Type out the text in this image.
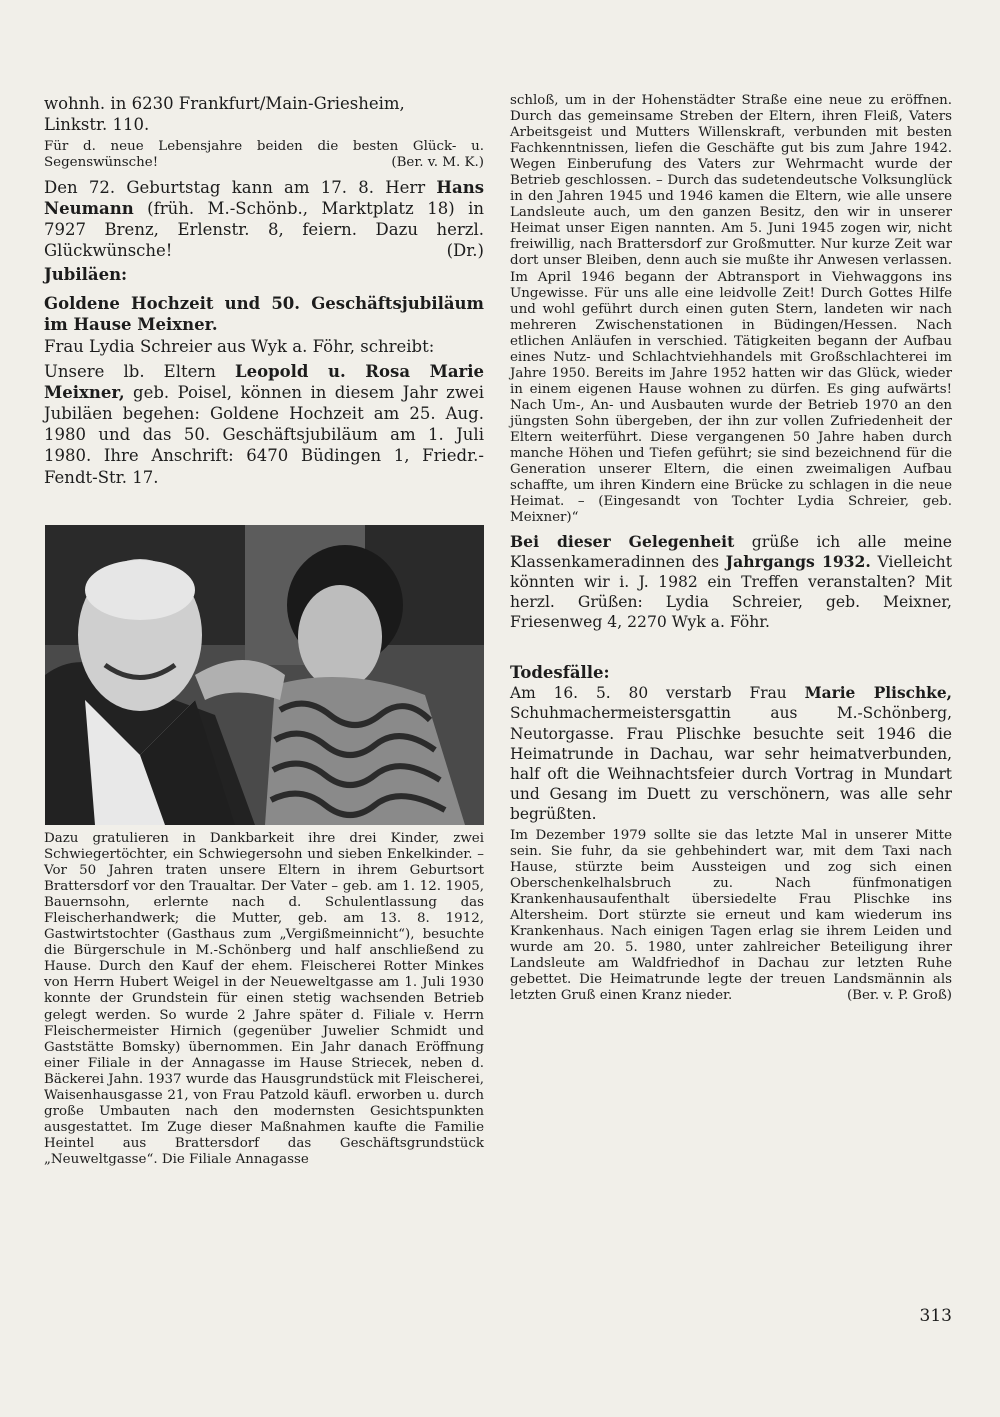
wohnh. in 6230 Frankfurt/Main-Griesheim,
Linkstr. 110.

Für d. neue Lebensjahre beiden die besten Glück- u. Segenswünsche!	(Ber. v. M. K.)

Den 72. Geburtstag kann am 17. 8. Herr Hans Neumann (früh. M.-Schönb., Marktplatz 18) in 7927 Brenz, Erlenstr. 8, feiern. Dazu herzl. Glückwünsche!	(Dr.)

Jubiläen:

Goldene Hochzeit und 50. Geschäftsjubiläum im Hause Meixner.

Frau Lydia Schreier aus Wyk a. Föhr, schreibt:

Unsere lb. Eltern Leopold u. Rosa Marie Meixner, geb. Poisel, können in diesem Jahr zwei Jubiläen begehen: Goldene Hochzeit am 25. Aug. 1980 und das 50. Geschäftsjubiläum am 1. Juli 1980. Ihre Anschrift: 6470 Büdingen 1, Friedr.-Fendt-Str. 17.

Dazu gratulieren in Dankbarkeit ihre drei Kinder, zwei Schwiegertöchter, ein Schwiegersohn und sieben Enkelkinder. – Vor 50 Jahren traten unsere Eltern in ihrem Geburtsort Brattersdorf vor den Traualtar. Der Vater – geb. am 1. 12. 1905, Bauernsohn, erlernte nach d. Schulentlassung das Fleischerhandwerk; die Mutter, geb. am 13. 8. 1912, Gastwirtstochter (Gasthaus zum „Vergißmeinnicht“), besuchte die Bürgerschule in M.-Schönberg und half anschließend zu Hause. Durch den Kauf der ehem. Fleischerei Rotter Minkes von Herrn Hubert Weigel in der Neueweltgasse am 1. Juli 1930 konnte der Grundstein für einen stetig wachsenden Betrieb gelegt werden. So wurde 2 Jahre später d. Filiale v. Herrn Fleischermeister Hirnich (gegenüber Juwelier Schmidt und Gaststätte Bomsky) übernommen. Ein Jahr danach Eröffnung einer Filiale in der Annagasse im Hause Striecek, neben d. Bäckerei Jahn. 1937 wurde das Hausgrundstück mit Fleischerei, Waisenhausgasse 21, von Frau Patzold käufl. erworben u. durch große Umbauten nach den modernsten Gesichtspunkten ausgestattet. Im Zuge dieser Maßnahmen kaufte die Familie Heintel aus Brattersdorf das Geschäftsgrundstück „Neuweltgasse“. Die Filiale Annagasse

schloß, um in der Hohenstädter Straße eine neue zu eröffnen. Durch das gemeinsame Streben der Eltern, ihren Fleiß, Vaters Arbeitsgeist und Mutters Willenskraft, verbunden mit besten Fachkenntnissen, liefen die Geschäfte gut bis zum Jahre 1942. Wegen Einberufung des Vaters zur Wehrmacht wurde der Betrieb geschlossen. – Durch das sudetendeutsche Volksunglück in den Jahren 1945 und 1946 kamen die Eltern, wie alle unsere Landsleute auch, um den ganzen Besitz, den wir in unserer Heimat unser Eigen nannten. Am 5. Juni 1945 zogen wir, nicht freiwillig, nach Brattersdorf zur Großmutter. Nur kurze Zeit war dort unser Bleiben, denn auch sie mußte ihr Anwesen verlassen. Im April 1946 begann der Abtransport in Viehwaggons ins Ungewisse. Für uns alle eine leidvolle Zeit! Durch Gottes Hilfe und wohl geführt durch einen guten Stern, landeten wir nach mehreren Zwischenstationen in Büdingen/Hessen. Nach etlichen Anläufen in verschied. Tätigkeiten begann der Aufbau eines Nutz- und Schlachtviehhandels mit Großschlachterei im Jahre 1950. Bereits im Jahre 1952 hatten wir das Glück, wieder in einem eigenen Hause wohnen zu dürfen. Es ging aufwärts! Nach Um-, An- und Ausbauten wurde der Betrieb 1970 an den jüngsten Sohn übergeben, der ihn zur vollen Zufriedenheit der Eltern weiterführt. Diese vergangenen 50 Jahre haben durch manche Höhen und Tiefen geführt; sie sind bezeichnend für die Generation unserer Eltern, die einen zweimaligen Aufbau schaffte, um ihren Kindern eine Brücke zu schlagen in die neue Heimat. – (Eingesandt von Tochter Lydia Schreier, geb. Meixner)“

Bei dieser Gelegenheit grüße ich alle meine Klassenkameradinnen des Jahrgangs 1932. Vielleicht könnten wir i. J. 1982 ein Treffen veranstalten? Mit herzl. Grüßen: Lydia Schreier, geb. Meixner, Friesenweg 4, 2270 Wyk a. Föhr.

Todesfälle:

Am 16. 5. 80 verstarb Frau Marie Plischke, Schuhmachermeistersgattin aus M.-Schönberg, Neutorgasse. Frau Plischke besuchte seit 1946 die Heimatrunde in Dachau, war sehr heimatverbunden, half oft die Weihnachtsfeier durch Vortrag in Mundart und Gesang im Duett zu verschönern, was alle sehr begrüßten.

Im Dezember 1979 sollte sie das letzte Mal in unserer Mitte sein. Sie fuhr, da sie gehbehindert war, mit dem Taxi nach Hause, stürzte beim Aussteigen und zog sich einen Oberschenkelhalsbruch zu. Nach fünfmonatigen Krankenhausaufenthalt übersiedelte Frau Plischke ins Altersheim. Dort stürzte sie erneut und kam wiederum ins Krankenhaus. Nach einigen Tagen erlag sie ihrem Leiden und wurde am 20. 5. 1980, unter zahlreicher Beteiligung ihrer Landsleute am Waldfriedhof in Dachau zur letzten Ruhe gebettet. Die Heimatrunde legte der treuen Landsmännin als letzten Gruß einen Kranz nieder.	(Ber. v. P. Groß)

313
